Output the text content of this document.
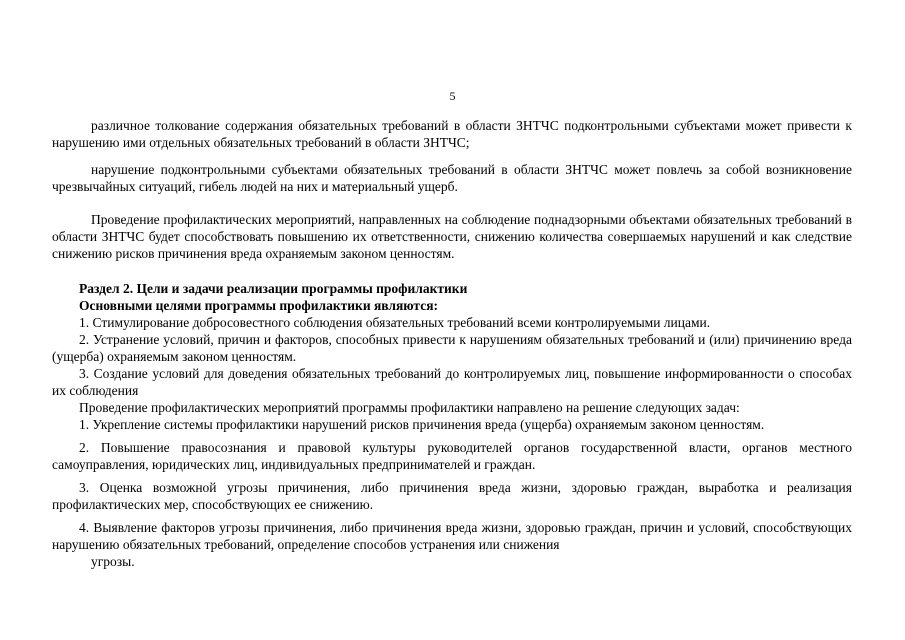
5

различное толкование содержания обязательных требований в области ЗНТЧС подконтрольными субъектами может привести к нарушению ими отдельных обязательных требований в области ЗНТЧС;

нарушение подконтрольными субъектами обязательных требований в области ЗНТЧС может повлечь за собой возникновение чрезвычайных ситуаций, гибель людей на них и материальный ущерб.

Проведение профилактических мероприятий, направленных на соблюдение поднадзорными объектами обязательных требований в области ЗНТЧС будет способствовать повышению их ответственности, снижению количества совершаемых нарушений и как следствие снижению рисков причинения вреда охраняемым законом ценностям.

Раздел 2. Цели и задачи реализации программы профилактики
Основными целями программы профилактики являются:

1. Стимулирование добросовестного соблюдения обязательных требований всеми контролируемыми лицами.

2. Устранение условий, причин и факторов, способных привести к нарушениям обязательных требований и (или) причинению вреда (ущерба) охраняемым законом ценностям.

3. Создание условий для доведения обязательных требований до контролируемых лиц, повышение информированности о способах их соблюдения

Проведение профилактических мероприятий программы профилактики направлено на решение следующих задач:

1. Укрепление системы профилактики нарушений рисков причинения вреда (ущерба) охраняемым законом ценностям.

2. Повышение правосознания и правовой культуры руководителей органов государственной власти, органов местного самоуправления, юридических лиц, индивидуальных предпринимателей и граждан.

3. Оценка возможной угрозы причинения, либо причинения вреда жизни, здоровью граждан, выработка и реализация профилактических мер, способствующих ее снижению.

4. Выявление факторов угрозы причинения, либо причинения вреда жизни, здоровью граждан, причин и условий, способствующих нарушению обязательных требований, определение способов устранения или снижения

угрозы.
